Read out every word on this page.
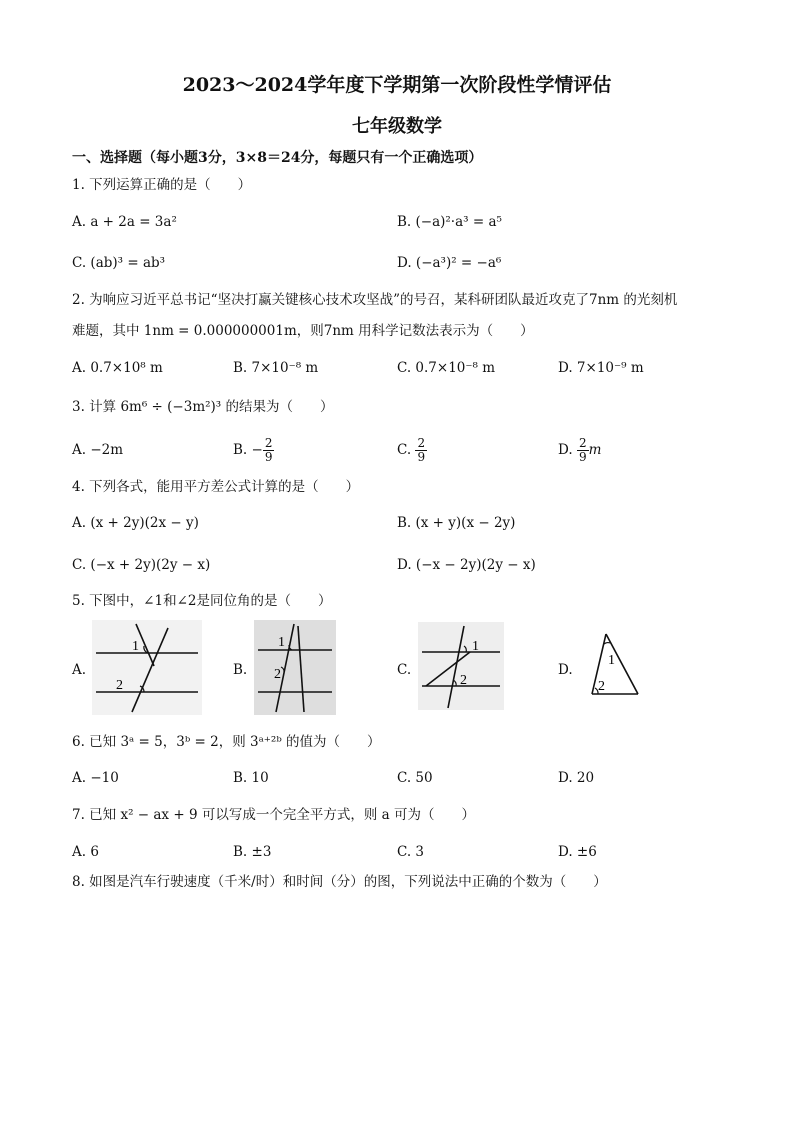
2023～2024学年度下学期第一次阶段性学情评估
七年级数学
一、选择题（每小题3分，3×8＝24分，每题只有一个正确选项）
1. 下列运算正确的是（　　）
A. a + 2a = 3a²	B. (−a)²·a³ = a⁵
C. (ab)³ = ab³	D. (−a³)² = −a⁶
2. 为响应习近平总书记“坚决打赢关键核心技术攻坚战”的号召，某科研团队最近攻克了7nm 的光刻机
难题，其中 1nm = 0.000000001m，则7nm 用科学记数法表示为（　　）
A. 0.7×10⁸ m	B. 7×10⁻⁸ m	C. 0.7×10⁻⁸ m	D. 7×10⁻⁹ m
3. 计算 6m⁶ ÷ (−3m²)³ 的结果为（　　）
A. −2m	B. − $\frac{2}{9}$	C. $\frac{2}{9}$	D. $\frac{2}{9}$ m
4. 下列各式，能用平方差公式计算的是（　　）
A. (x + 2y)(2x − y)	B. (x + y)(x − 2y)
C. (−x + 2y)(2y − x)	D. (−x − 2y)(2y − x)
5. 下图中，∠1和∠2是同位角的是（　　）
A.
1
2
B.
1
2	C.
1
2
D.
1
2
6. 已知 3ᵃ = 5，3ᵇ = 2，则 3ᵃ⁺²ᵇ 的值为（　　）
A. −10	B. 10	C. 50	D. 20
7. 已知 x² − ax + 9 可以写成一个完全平方式，则 a 可为（　　）
A. 6	B. ±3	C. 3	D. ±6
8. 如图是汽车行驶速度（千米/时）和时间（分）的图，下列说法中正确的个数为（　　）
